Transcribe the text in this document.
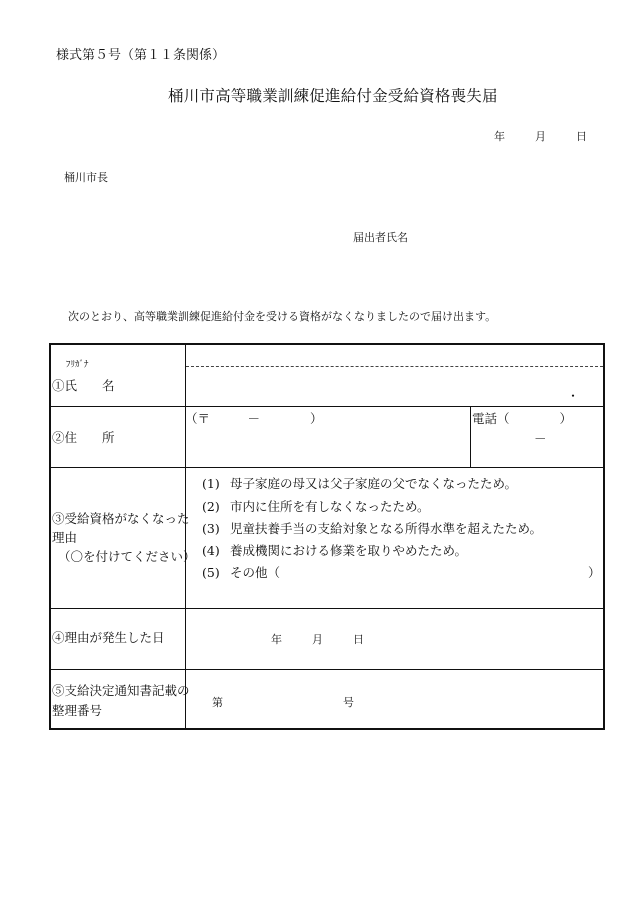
様式第５号（第１１条関係）
桶川市高等職業訓練促進給付金受給資格喪失届
年	月	日
桶川市長
届出者氏名
次のとおり、高等職業訓練促進給付金を受ける資格がなくなりましたので届け出ます。
ﾌﾘｶﾞﾅ
①氏　　名
・
②住　　所
（〒　　　－　　　　）	電話（　　　　）
－
③受給資格がなくなった
理由
（〇を付けてください）
(1) 母子家庭の母又は父子家庭の父でなくなったため。
(2) 市内に住所を有しなくなったため。
(3) 児童扶養手当の支給対象となる所得水準を超えたため。
(4) 養成機関における修業を取りやめたため。
(5) その他（	）
④理由が発生した日	年	月	日
⑤支給決定通知書記載の
整理番号
第	号
